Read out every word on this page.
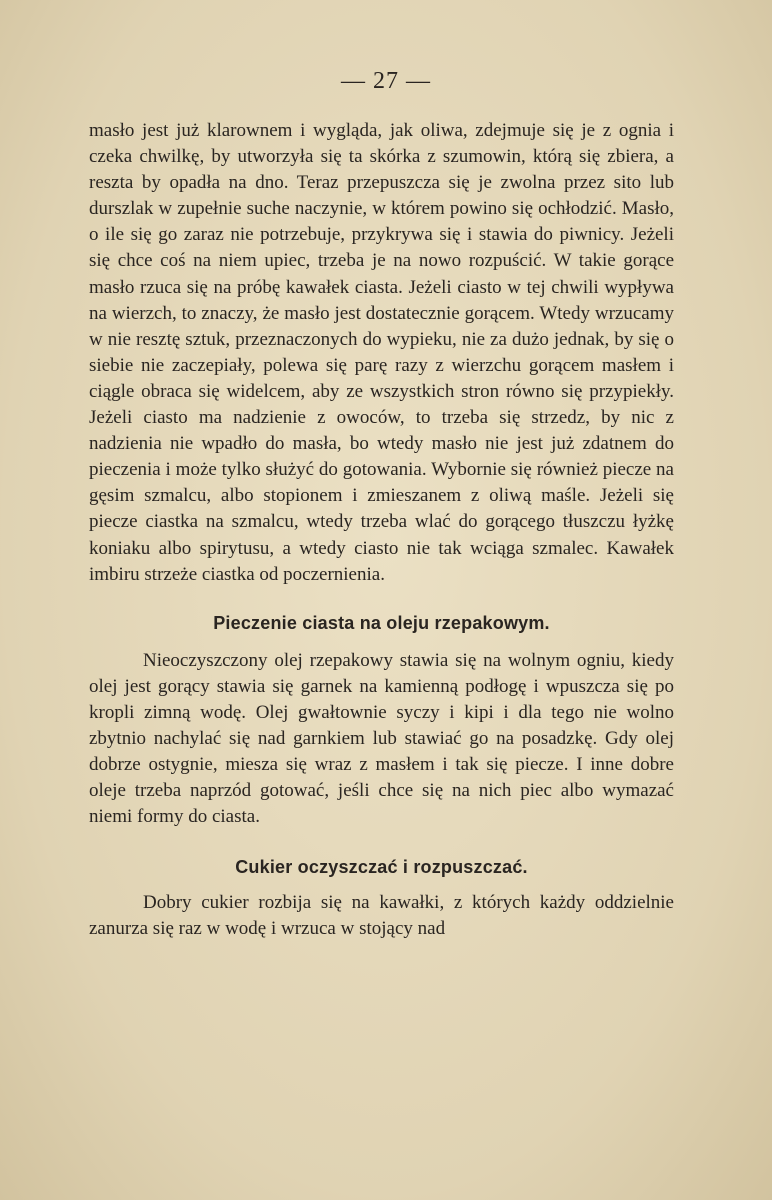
— 27 —

masło jest już klarownem i wygląda, jak oliwa, zdejmuje się je z ognia i czeka chwilkę, by utworzyła się ta skórka z szumowin, którą się zbiera, a reszta by opadła na dno. Teraz przepuszcza się je zwolna przez sito lub durszlak w zupełnie suche naczynie, w którem powino się ochłodzić. Masło, o ile się go zaraz nie potrzebuje, przykrywa się i stawia do piwnicy. Jeżeli się chce coś na niem upiec, trzeba je na nowo rozpuścić. W takie gorące masło rzuca się na próbę kawałek ciasta. Jeżeli ciasto w tej chwili wypływa na wierzch, to znaczy, że masło jest dostatecznie gorącem. Wtedy wrzucamy w nie resztę sztuk, przeznaczonych do wypieku, nie za dużo jednak, by się o siebie nie zaczepiały, polewa się parę razy z wierzchu gorącem masłem i ciągle obraca się widelcem, aby ze wszystkich stron równo się przypiekły. Jeżeli ciasto ma nadzienie z owoców, to trzeba się strzedz, by nic z nadzienia nie wpadło do masła, bo wtedy masło nie jest już zdatnem do pieczenia i może tylko służyć do gotowania. Wybornie się również piecze na gęsim szmalcu, albo stopionem i zmieszanem z oliwą maśle. Jeżeli się piecze ciastka na szmalcu, wtedy trzeba wlać do gorącego tłuszczu łyżkę koniaku albo spirytusu, a wtedy ciasto nie tak wciąga szmalec. Kawałek imbiru strzeże ciastka od poczernienia.

Pieczenie ciasta na oleju rzepakowym.

Nieoczyszczony olej rzepakowy stawia się na wolnym ogniu, kiedy olej jest gorący stawia się garnek na kamienną podłogę i wpuszcza się po kropli zimną wodę. Olej gwałtownie syczy i kipi i dla tego nie wolno zbytnio nachylać się nad garnkiem lub stawiać go na posadzkę. Gdy olej dobrze ostygnie, miesza się wraz z masłem i tak się piecze. I inne dobre oleje trzeba naprzód gotować, jeśli chce się na nich piec albo wymazać niemi formy do ciasta.

Cukier oczyszczać i rozpuszczać.

Dobry cukier rozbija się na kawałki, z których każdy oddzielnie zanurza się raz w wodę i wrzuca w stojący nad
